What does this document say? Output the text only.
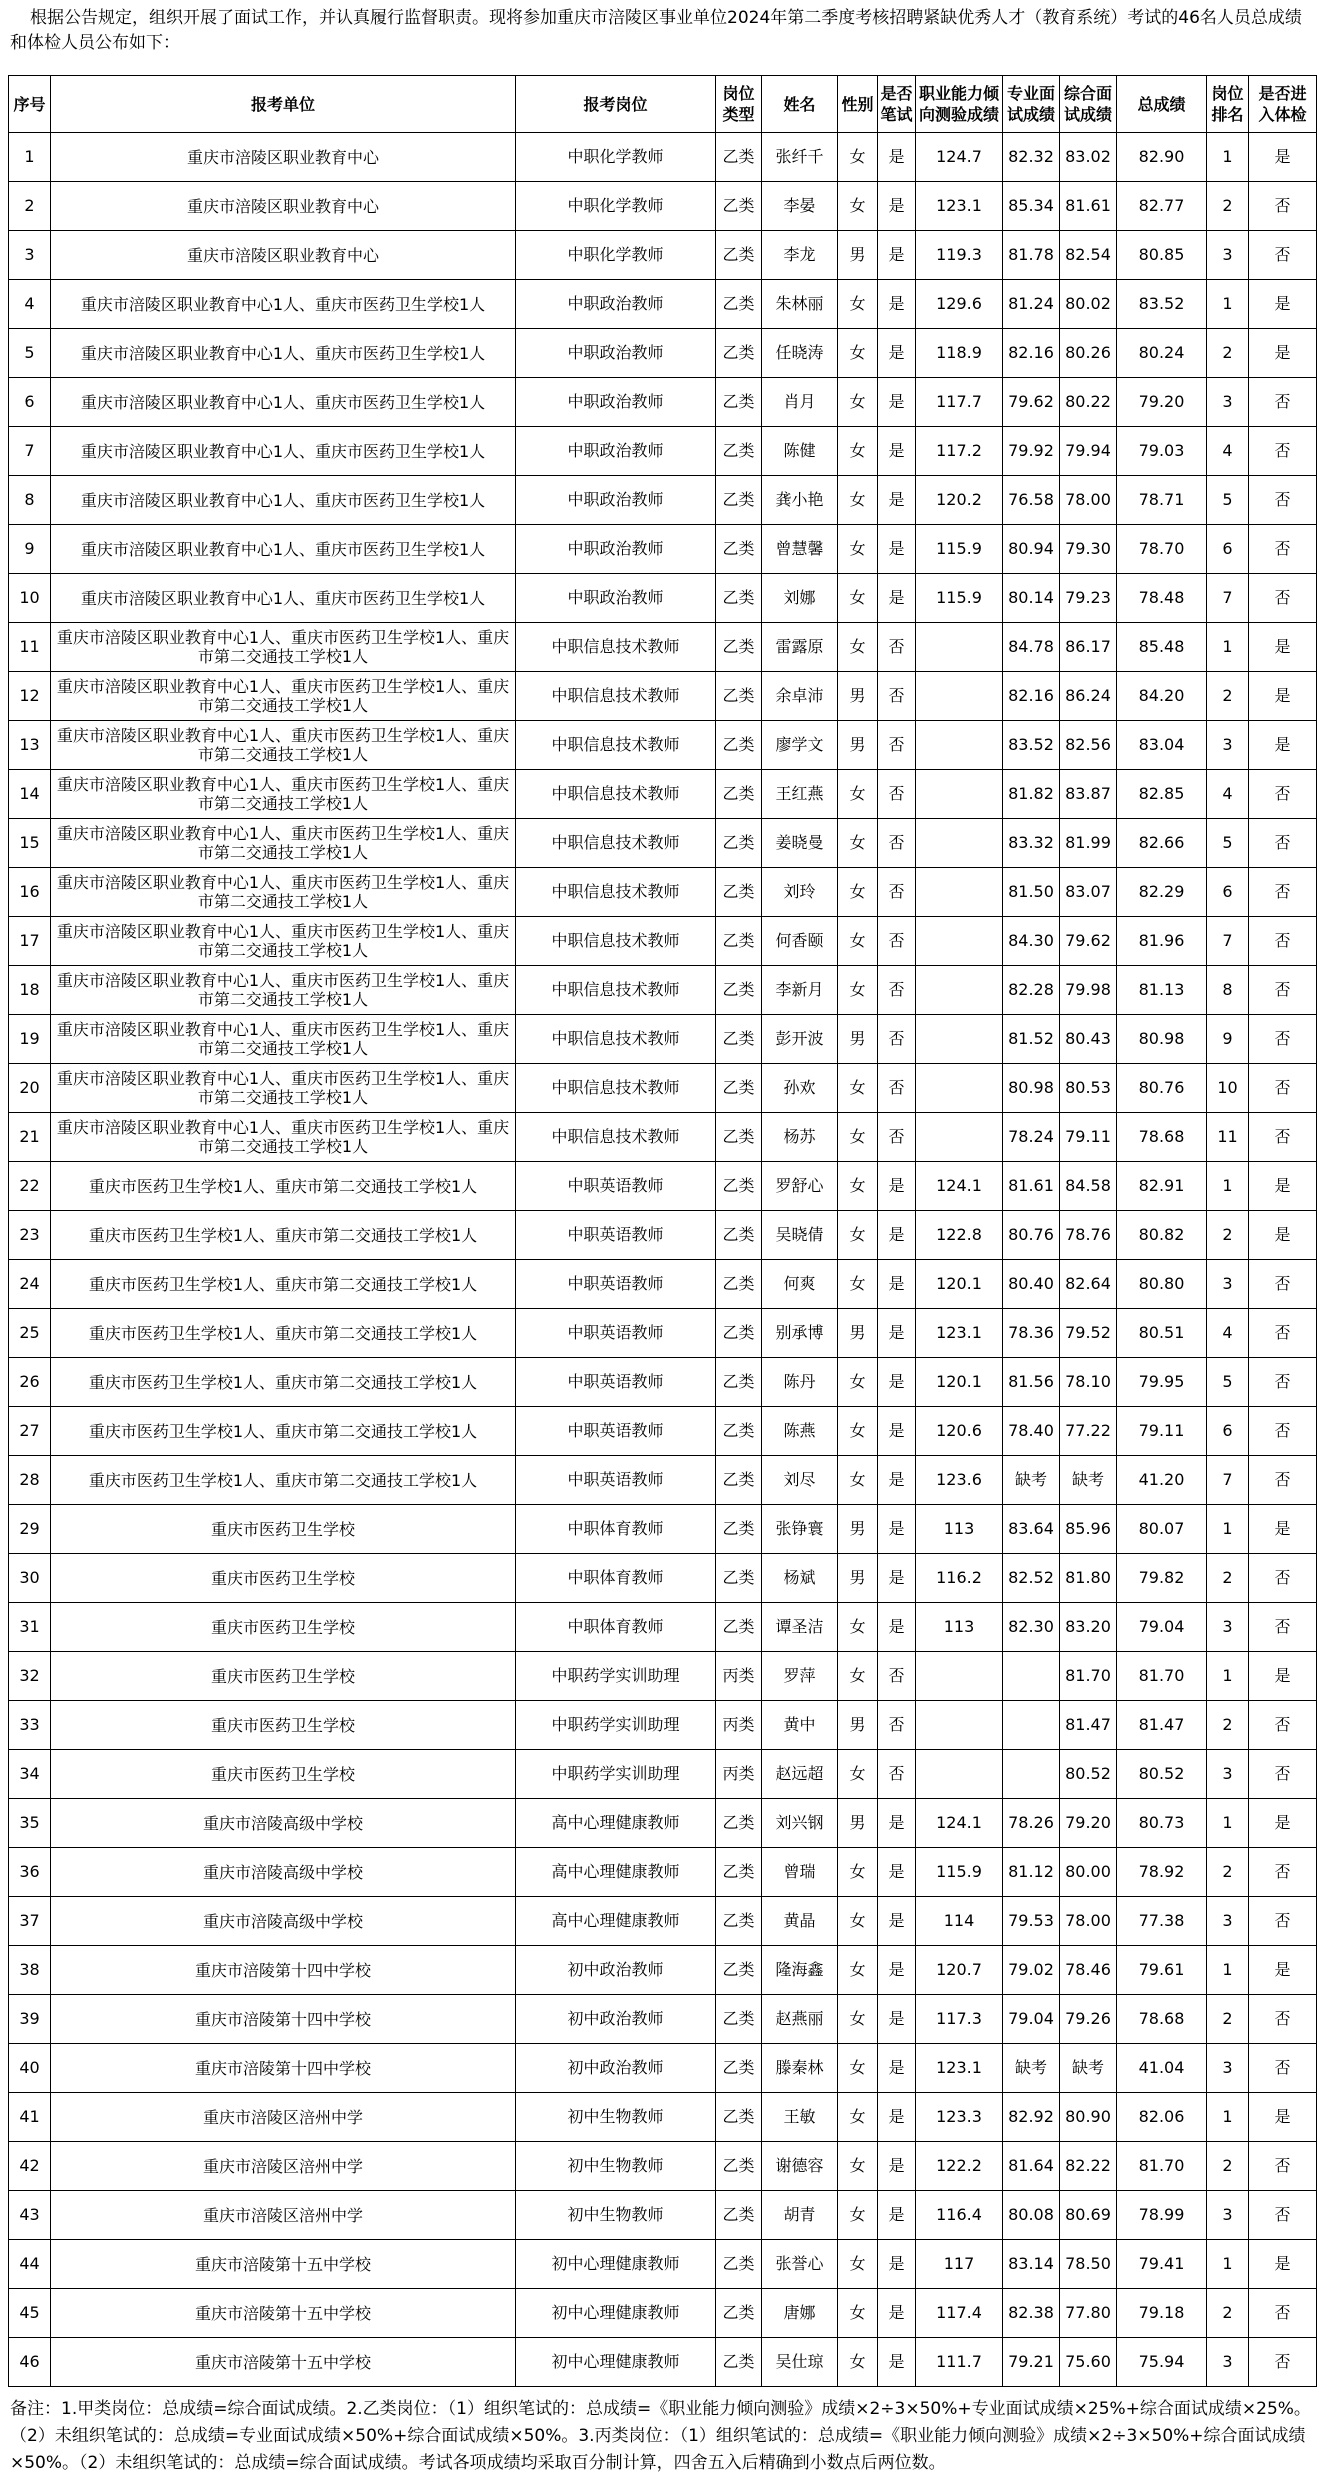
根据公告规定，组织开展了面试工作，并认真履行监督职责。现将参加重庆市涪陵区事业单位2024年第二季度考核招聘紧缺优秀人才（教育系统）考试的46名人员总成绩和体检人员公布如下：
序号	报考单位	报考岗位	岗位类型	姓名	性别	是否笔试	职业能力倾向测验成绩	专业面试成绩	综合面试成绩	总成绩	岗位排名	是否进入体检
1	重庆市涪陵区职业教育中心	中职化学教师	乙类	张纤千	女	是	124.7	82.32	83.02	82.90	1	是
2	重庆市涪陵区职业教育中心	中职化学教师	乙类	李晏	女	是	123.1	85.34	81.61	82.77	2	否
3	重庆市涪陵区职业教育中心	中职化学教师	乙类	李龙	男	是	119.3	81.78	82.54	80.85	3	否
4	重庆市涪陵区职业教育中心1人、重庆市医药卫生学校1人	中职政治教师	乙类	朱林丽	女	是	129.6	81.24	80.02	83.52	1	是
5	重庆市涪陵区职业教育中心1人、重庆市医药卫生学校1人	中职政治教师	乙类	任晓涛	女	是	118.9	82.16	80.26	80.24	2	是
6	重庆市涪陵区职业教育中心1人、重庆市医药卫生学校1人	中职政治教师	乙类	肖月	女	是	117.7	79.62	80.22	79.20	3	否
7	重庆市涪陵区职业教育中心1人、重庆市医药卫生学校1人	中职政治教师	乙类	陈健	女	是	117.2	79.92	79.94	79.03	4	否
8	重庆市涪陵区职业教育中心1人、重庆市医药卫生学校1人	中职政治教师	乙类	龚小艳	女	是	120.2	76.58	78.00	78.71	5	否
9	重庆市涪陵区职业教育中心1人、重庆市医药卫生学校1人	中职政治教师	乙类	曾慧馨	女	是	115.9	80.94	79.30	78.70	6	否
10	重庆市涪陵区职业教育中心1人、重庆市医药卫生学校1人	中职政治教师	乙类	刘娜	女	是	115.9	80.14	79.23	78.48	7	否
11	重庆市涪陵区职业教育中心1人、重庆市医药卫生学校1人、重庆市第二交通技工学校1人	中职信息技术教师	乙类	雷露原	女	否		84.78	86.17	85.48	1	是
12	重庆市涪陵区职业教育中心1人、重庆市医药卫生学校1人、重庆市第二交通技工学校1人	中职信息技术教师	乙类	余卓沛	男	否		82.16	86.24	84.20	2	是
13	重庆市涪陵区职业教育中心1人、重庆市医药卫生学校1人、重庆市第二交通技工学校1人	中职信息技术教师	乙类	廖学文	男	否		83.52	82.56	83.04	3	是
14	重庆市涪陵区职业教育中心1人、重庆市医药卫生学校1人、重庆市第二交通技工学校1人	中职信息技术教师	乙类	王红燕	女	否		81.82	83.87	82.85	4	否
15	重庆市涪陵区职业教育中心1人、重庆市医药卫生学校1人、重庆市第二交通技工学校1人	中职信息技术教师	乙类	姜晓曼	女	否		83.32	81.99	82.66	5	否
16	重庆市涪陵区职业教育中心1人、重庆市医药卫生学校1人、重庆市第二交通技工学校1人	中职信息技术教师	乙类	刘玲	女	否		81.50	83.07	82.29	6	否
17	重庆市涪陵区职业教育中心1人、重庆市医药卫生学校1人、重庆市第二交通技工学校1人	中职信息技术教师	乙类	何香颐	女	否		84.30	79.62	81.96	7	否
18	重庆市涪陵区职业教育中心1人、重庆市医药卫生学校1人、重庆市第二交通技工学校1人	中职信息技术教师	乙类	李新月	女	否		82.28	79.98	81.13	8	否
19	重庆市涪陵区职业教育中心1人、重庆市医药卫生学校1人、重庆市第二交通技工学校1人	中职信息技术教师	乙类	彭开波	男	否		81.52	80.43	80.98	9	否
20	重庆市涪陵区职业教育中心1人、重庆市医药卫生学校1人、重庆市第二交通技工学校1人	中职信息技术教师	乙类	孙欢	女	否		80.98	80.53	80.76	10	否
21	重庆市涪陵区职业教育中心1人、重庆市医药卫生学校1人、重庆市第二交通技工学校1人	中职信息技术教师	乙类	杨苏	女	否		78.24	79.11	78.68	11	否
22	重庆市医药卫生学校1人、重庆市第二交通技工学校1人	中职英语教师	乙类	罗舒心	女	是	124.1	81.61	84.58	82.91	1	是
23	重庆市医药卫生学校1人、重庆市第二交通技工学校1人	中职英语教师	乙类	吴晓倩	女	是	122.8	80.76	78.76	80.82	2	是
24	重庆市医药卫生学校1人、重庆市第二交通技工学校1人	中职英语教师	乙类	何爽	女	是	120.1	80.40	82.64	80.80	3	否
25	重庆市医药卫生学校1人、重庆市第二交通技工学校1人	中职英语教师	乙类	别承博	男	是	123.1	78.36	79.52	80.51	4	否
26	重庆市医药卫生学校1人、重庆市第二交通技工学校1人	中职英语教师	乙类	陈丹	女	是	120.1	81.56	78.10	79.95	5	否
27	重庆市医药卫生学校1人、重庆市第二交通技工学校1人	中职英语教师	乙类	陈燕	女	是	120.6	78.40	77.22	79.11	6	否
28	重庆市医药卫生学校1人、重庆市第二交通技工学校1人	中职英语教师	乙类	刘尽	女	是	123.6	缺考	缺考	41.20	7	否
29	重庆市医药卫生学校	中职体育教师	乙类	张铮寰	男	是	113	83.64	85.96	80.07	1	是
30	重庆市医药卫生学校	中职体育教师	乙类	杨斌	男	是	116.2	82.52	81.80	79.82	2	否
31	重庆市医药卫生学校	中职体育教师	乙类	谭圣洁	女	是	113	82.30	83.20	79.04	3	否
32	重庆市医药卫生学校	中职药学实训助理	丙类	罗萍	女	否			81.70	81.70	1	是
33	重庆市医药卫生学校	中职药学实训助理	丙类	黄中	男	否			81.47	81.47	2	否
34	重庆市医药卫生学校	中职药学实训助理	丙类	赵远超	女	否			80.52	80.52	3	否
35	重庆市涪陵高级中学校	高中心理健康教师	乙类	刘兴钢	男	是	124.1	78.26	79.20	80.73	1	是
36	重庆市涪陵高级中学校	高中心理健康教师	乙类	曾瑞	女	是	115.9	81.12	80.00	78.92	2	否
37	重庆市涪陵高级中学校	高中心理健康教师	乙类	黄晶	女	是	114	79.53	78.00	77.38	3	否
38	重庆市涪陵第十四中学校	初中政治教师	乙类	隆海鑫	女	是	120.7	79.02	78.46	79.61	1	是
39	重庆市涪陵第十四中学校	初中政治教师	乙类	赵燕丽	女	是	117.3	79.04	79.26	78.68	2	否
40	重庆市涪陵第十四中学校	初中政治教师	乙类	滕秦林	女	是	123.1	缺考	缺考	41.04	3	否
41	重庆市涪陵区涪州中学	初中生物教师	乙类	王敏	女	是	123.3	82.92	80.90	82.06	1	是
42	重庆市涪陵区涪州中学	初中生物教师	乙类	谢德容	女	是	122.2	81.64	82.22	81.70	2	否
43	重庆市涪陵区涪州中学	初中生物教师	乙类	胡青	女	是	116.4	80.08	80.69	78.99	3	否
44	重庆市涪陵第十五中学校	初中心理健康教师	乙类	张誉心	女	是	117	83.14	78.50	79.41	1	是
45	重庆市涪陵第十五中学校	初中心理健康教师	乙类	唐娜	女	是	117.4	82.38	77.80	79.18	2	否
46	重庆市涪陵第十五中学校	初中心理健康教师	乙类	吴仕琼	女	是	111.7	79.21	75.60	75.94	3	否
备注：1.甲类岗位：总成绩=综合面试成绩。2.乙类岗位：（1）组织笔试的：总成绩=《职业能力倾向测验》成绩×2÷3×50%+专业面试成绩×25%+综合面试成绩×25%。（2）未组织笔试的：总成绩=专业面试成绩×50%+综合面试成绩×50%。3.丙类岗位：（1）组织笔试的：总成绩=《职业能力倾向测验》成绩×2÷3×50%+综合面试成绩×50%。（2）未组织笔试的：总成绩=综合面试成绩。考试各项成绩均采取百分制计算，四舍五入后精确到小数点后两位数。
